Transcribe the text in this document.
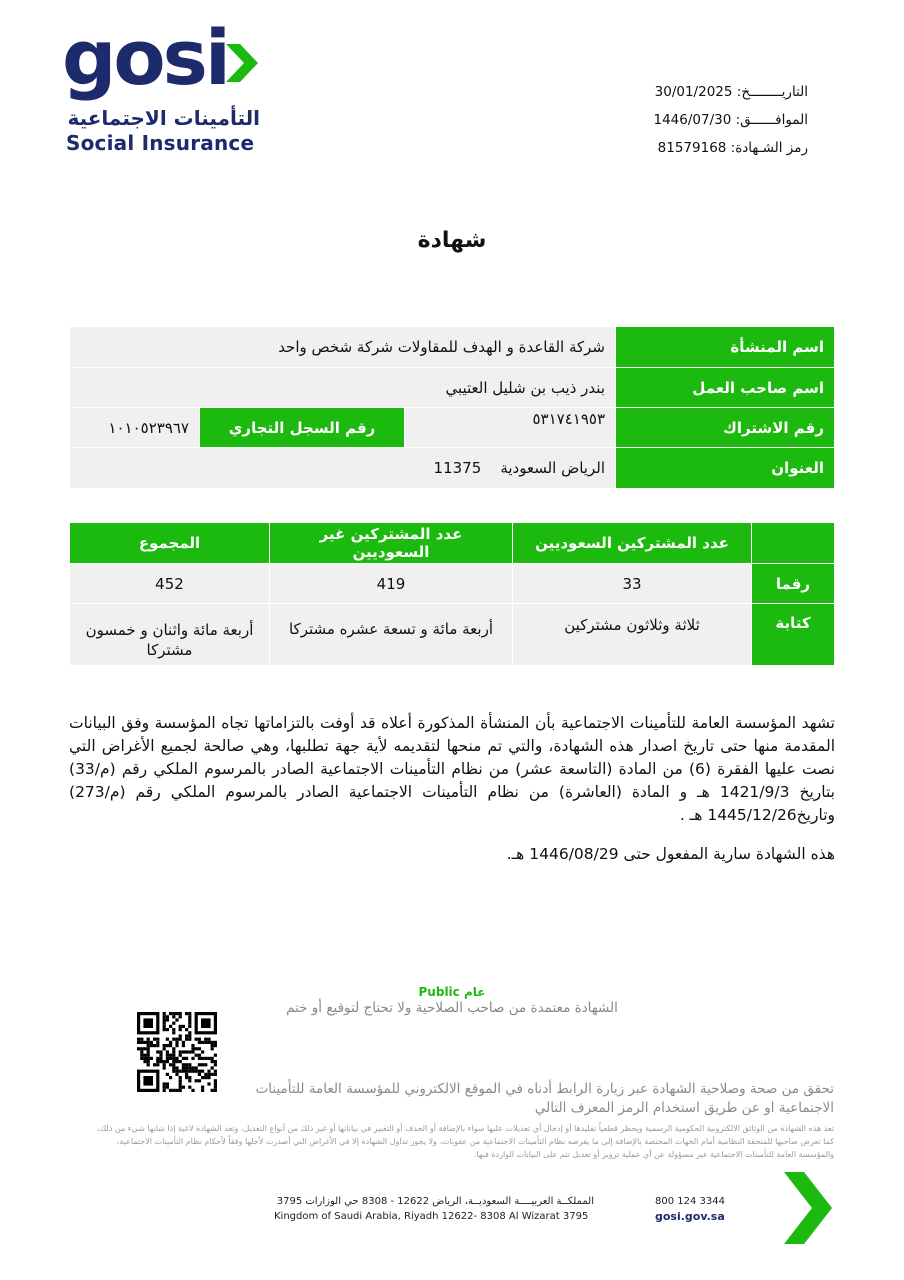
gosi
التأمينات الاجتماعية
Social Insurance
التاريــــــــخ: 30/01/2025
الموافــــــق: 1446/07/30
رمز الشـهادة: 81579168
شهادة
اسم المنشأة	شركة القاعدة و الهدف للمقاولات شركة شخص واحد		
اسم صاحب العمل	بندر ذيب بن شليل العتيبي		
رقم الاشتراك	٥٣١٧٤١٩٥٣	رقم السجل التجاري	١٠١٠٥٢٣٩٦٧
العنوان	الرياض السعودية    11375		
	عدد المشتركين السعوديين	عدد المشتركين غير السعوديين	المجموع
رقما	33	419	452
كتابة	ثلاثة وثلاثون مشتركين	أربعة مائة و تسعة عشره مشتركا	أربعة مائة واثنان و خمسون مشتركا
تشهد المؤسسة العامة للتأمينات الاجتماعية بأن المنشأة المذكورة أعلاه قد أوفت بالتزاماتها تجاه المؤسسة وفق البيانات المقدمة منها حتى تاريخ اصدار هذه الشهادة، والتي تم منحها لتقديمه لأية جهة تطلبها، وهي صالحة لجميع الأغراض التي نصت عليها الفقرة (6) من المادة (التاسعة عشر) من نظام التأمينات الاجتماعية الصادر بالمرسوم الملكي رقم (م/33) بتاريخ 1421/9/3 هـ و المادة (العاشرة) من نظام التأمينات الاجتماعية الصادر بالمرسوم الملكي رقم (م/273) وتاريخ1445/12/26 هـ .
هذه الشهادة سارية المفعول حتى 1446/08/29 هـ.
Public عام
الشهادة معتمدة من صاحب الصلاحية ولا تحتاج لتوقيع أو ختم
تحقق من صحة وصلاحية الشهادة عبر زيارة الرابط أدناه في الموقع الالكتروني للمؤسسة العامة للتأمينات الاجتماعية او عن طريق استخدام الرمز المعرف التالي
تعد هذه الشهادة من الوثائق الالكترونية الحكومية الرسمية ويحظر قطعياً تقليدها أو إدخال أي تعديلات عليها سواء بالإضافة أو الحذف أو التغيير في بياناتها أو غير ذلك من أنواع التعديل، وتعد الشهادة لاغية إذا شابها شيء من ذلك، كما تعرض صاحبها للمتحقة النظامية أمام الجهات المختصة بالإضافة إلى ما يفرضه نظام التأمينات الاجتماعية من عقوبات، ولا يجوز تداول الشهادة إلا في الأغراض التي أصدرت لأجلها وفقاً لأحكام نظام التأمينات الاجتماعية، والمؤسسة العامة للتأمينات الاجتماعية غير مسؤولة عن أي عملية تزوير أو تعديل تتم على البيانات الواردة فيها.
المملكــة العربيــــة السعوديــة، الرياض 12622 - 8308 حي الوزارات 3795
Kingdom of Saudi Arabia, Riyadh 12622- 8308 Al Wizarat 3795
800 124 3344
gosi.gov.sa
